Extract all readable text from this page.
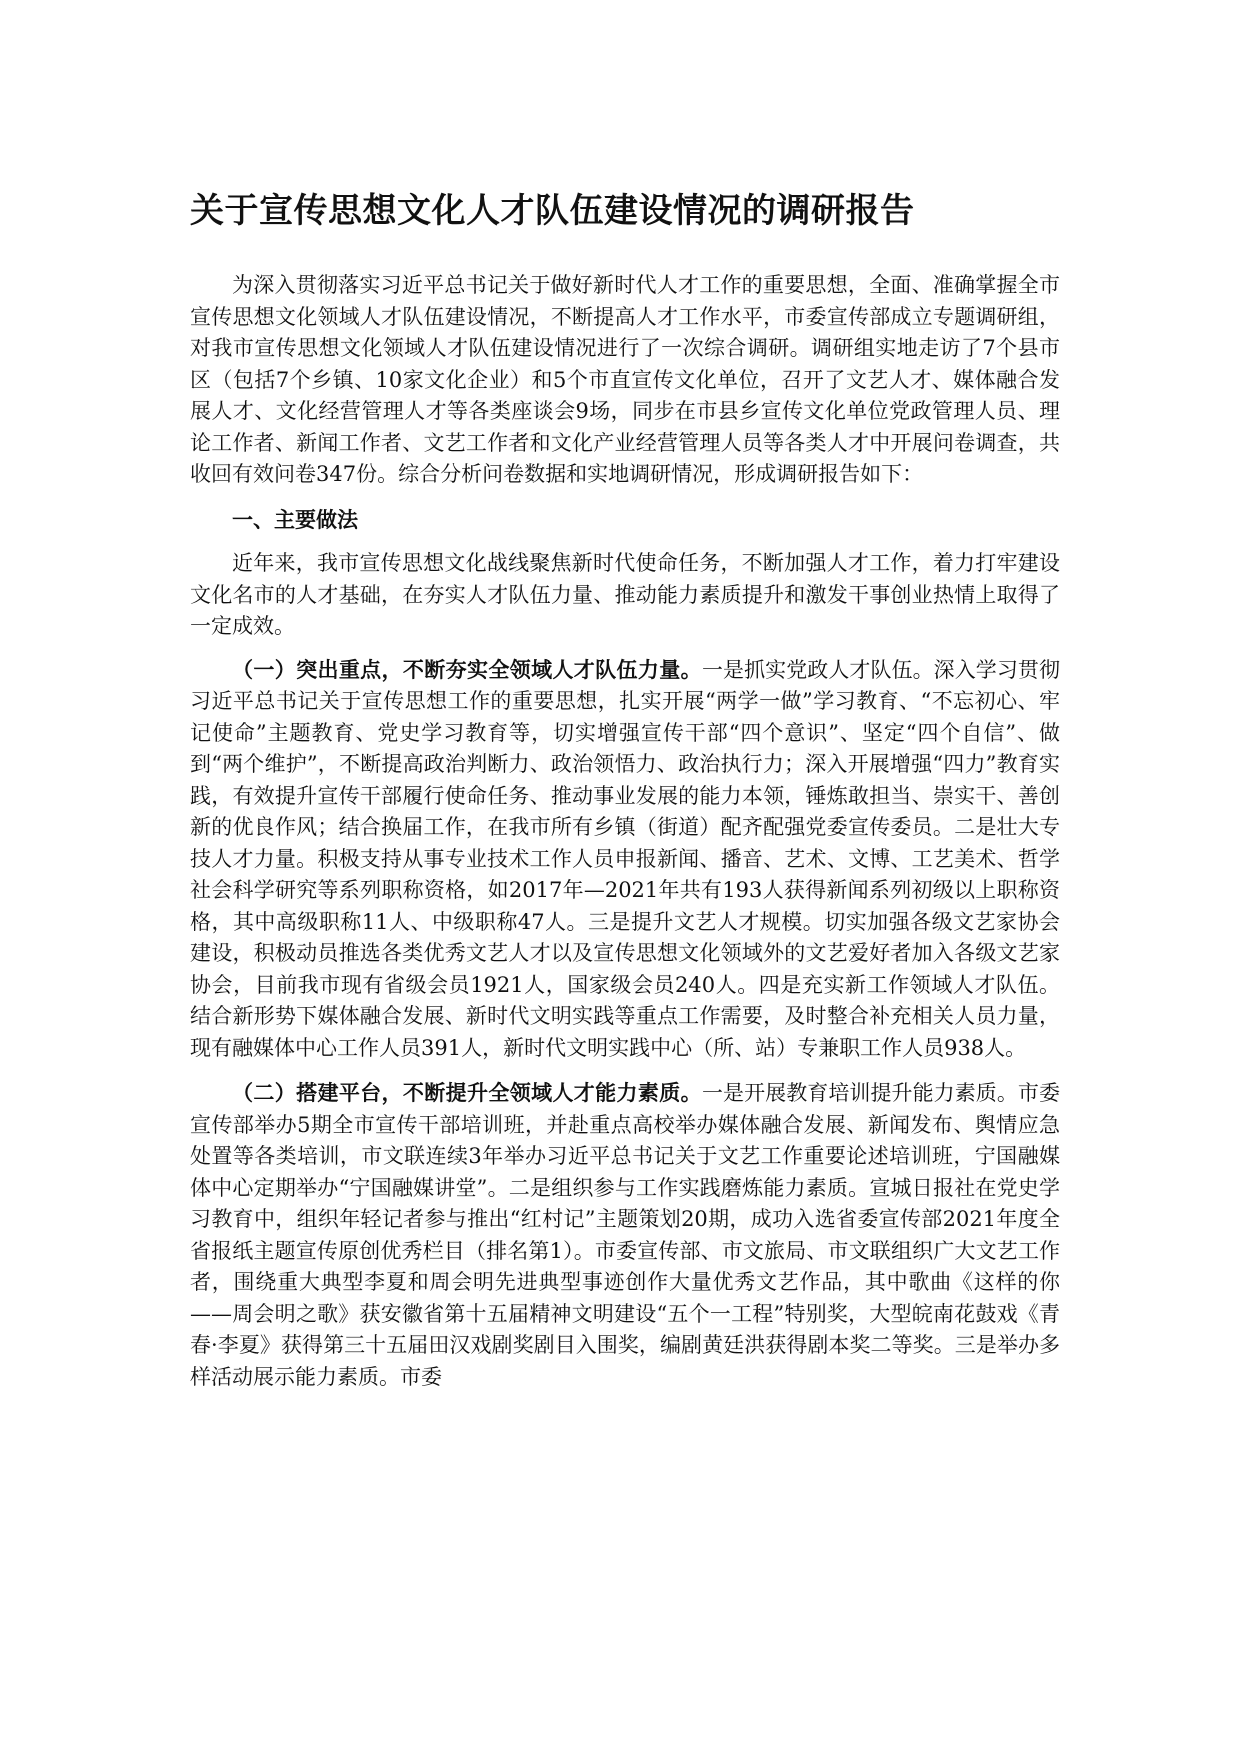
关于宣传思想文化人才队伍建设情况的调研报告

为深入贯彻落实习近平总书记关于做好新时代人才工作的重要思想，全面、准确掌握全市宣传思想文化领域人才队伍建设情况，不断提高人才工作水平，市委宣传部成立专题调研组，对我市宣传思想文化领域人才队伍建设情况进行了一次综合调研。调研组实地走访了7个县市区（包括7个乡镇、10家文化企业）和5个市直宣传文化单位，召开了文艺人才、媒体融合发展人才、文化经营管理人才等各类座谈会9场，同步在市县乡宣传文化单位党政管理人员、理论工作者、新闻工作者、文艺工作者和文化产业经营管理人员等各类人才中开展问卷调查，共收回有效问卷347份。综合分析问卷数据和实地调研情况，形成调研报告如下：

一、主要做法

近年来，我市宣传思想文化战线聚焦新时代使命任务，不断加强人才工作，着力打牢建设文化名市的人才基础，在夯实人才队伍力量、推动能力素质提升和激发干事创业热情上取得了一定成效。

（一）突出重点，不断夯实全领域人才队伍力量。一是抓实党政人才队伍。深入学习贯彻习近平总书记关于宣传思想工作的重要思想，扎实开展“两学一做”学习教育、“不忘初心、牢记使命”主题教育、党史学习教育等，切实增强宣传干部“四个意识”、坚定“四个自信”、做到“两个维护”，不断提高政治判断力、政治领悟力、政治执行力；深入开展增强“四力”教育实践，有效提升宣传干部履行使命任务、推动事业发展的能力本领，锤炼敢担当、崇实干、善创新的优良作风；结合换届工作，在我市所有乡镇（街道）配齐配强党委宣传委员。二是壮大专技人才力量。积极支持从事专业技术工作人员申报新闻、播音、艺术、文博、工艺美术、哲学社会科学研究等系列职称资格，如2017年—2021年共有193人获得新闻系列初级以上职称资格，其中高级职称11人、中级职称47人。三是提升文艺人才规模。切实加强各级文艺家协会建设，积极动员推选各类优秀文艺人才以及宣传思想文化领域外的文艺爱好者加入各级文艺家协会，目前我市现有省级会员1921人，国家级会员240人。四是充实新工作领域人才队伍。结合新形势下媒体融合发展、新时代文明实践等重点工作需要，及时整合补充相关人员力量，现有融媒体中心工作人员391人，新时代文明实践中心（所、站）专兼职工作人员938人。

（二）搭建平台，不断提升全领域人才能力素质。一是开展教育培训提升能力素质。市委宣传部举办5期全市宣传干部培训班，并赴重点高校举办媒体融合发展、新闻发布、舆情应急处置等各类培训，市文联连续3年举办习近平总书记关于文艺工作重要论述培训班，宁国融媒体中心定期举办“宁国融媒讲堂”。二是组织参与工作实践磨炼能力素质。宣城日报社在党史学习教育中，组织年轻记者参与推出“红村记”主题策划20期，成功入选省委宣传部2021年度全省报纸主题宣传原创优秀栏目（排名第1）。市委宣传部、市文旅局、市文联组织广大文艺工作者，围绕重大典型李夏和周会明先进典型事迹创作大量优秀文艺作品，其中歌曲《这样的你——周会明之歌》获安徽省第十五届精神文明建设“五个一工程”特别奖，大型皖南花鼓戏《青春·李夏》获得第三十五届田汉戏剧奖剧目入围奖，编剧黄廷洪获得剧本奖二等奖。三是举办多样活动展示能力素质。市委
